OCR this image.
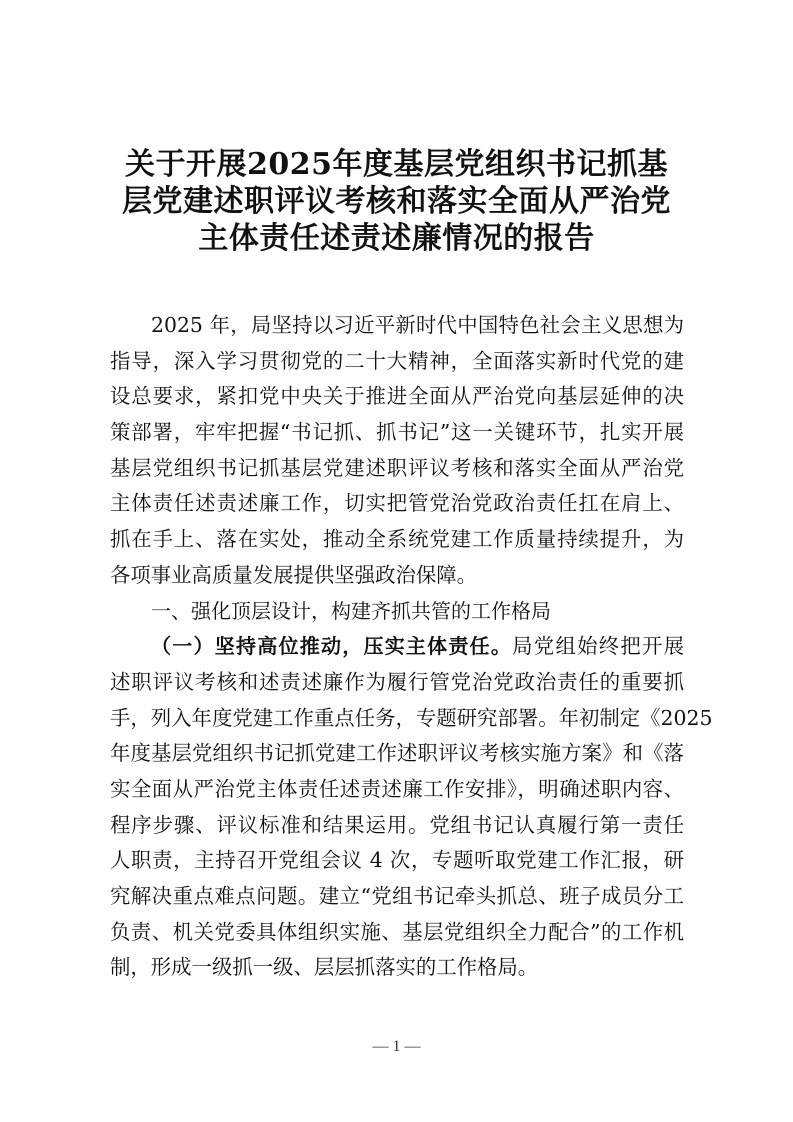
关于开展2025年度基层党组织书记抓基
层党建述职评议考核和落实全面从严治党
主体责任述责述廉情况的报告
2025 年，局坚持以习近平新时代中国特色社会主义思想为
指导，深入学习贯彻党的二十大精神，全面落实新时代党的建
设总要求，紧扣党中央关于推进全面从严治党向基层延伸的决
策部署，牢牢把握“书记抓、抓书记”这一关键环节，扎实开展
基层党组织书记抓基层党建述职评议考核和落实全面从严治党
主体责任述责述廉工作，切实把管党治党政治责任扛在肩上、
抓在手上、落在实处，推动全系统党建工作质量持续提升，为
各项事业高质量发展提供坚强政治保障。
一、强化顶层设计，构建齐抓共管的工作格局
（一）坚持高位推动，压实主体责任。局党组始终把开展
述职评议考核和述责述廉作为履行管党治党政治责任的重要抓
手，列入年度党建工作重点任务，专题研究部署。年初制定《2025
年度基层党组织书记抓党建工作述职评议考核实施方案》和《落
实全面从严治党主体责任述责述廉工作安排》，明确述职内容、
程序步骤、评议标准和结果运用。党组书记认真履行第一责任
人职责，主持召开党组会议 4 次，专题听取党建工作汇报，研
究解决重点难点问题。建立“党组书记牵头抓总、班子成员分工
负责、机关党委具体组织实施、基层党组织全力配合”的工作机
制，形成一级抓一级、层层抓落实的工作格局。
— 1 —
